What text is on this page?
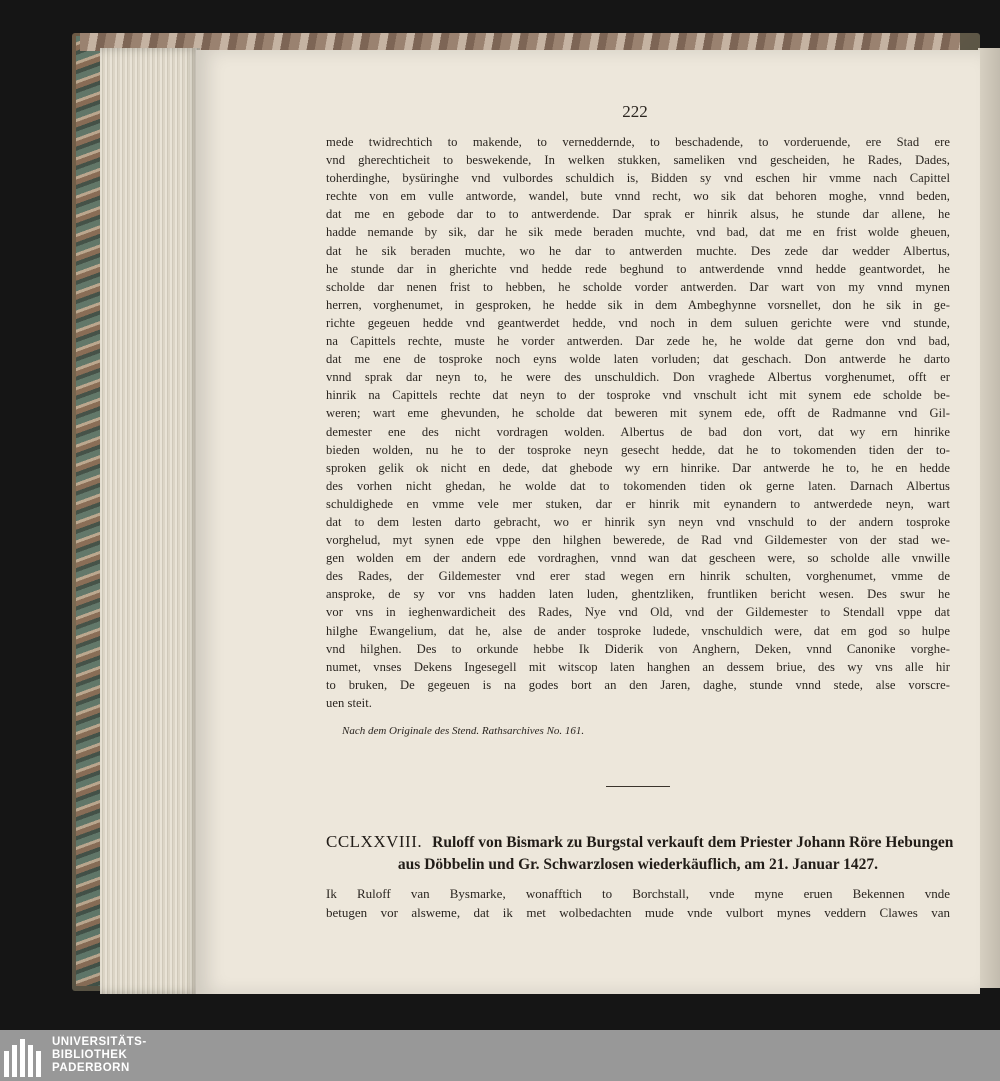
222
mede twidrechtich to makende, to verneddernde, to beschadende, to vorderuende, ere Stad ere
vnd gherechticheit to beswekende, In welken stukken, sameliken vnd gescheiden, he Rades, Dades,
toherdinghe, bysüringhe vnd vulbordes schuldich is, Bidden sy vnd eschen hir vmme nach Capittel
rechte von em vulle antworde, wandel, bute vnnd recht, wo sik dat behoren moghe, vnnd beden,
dat me en gebode dar to to antwerdende. Dar sprak er hinrik alsus, he stunde dar allene, he
hadde nemande by sik, dar he sik mede beraden muchte, vnd bad, dat me en frist wolde gheuen,
dat he sik beraden muchte, wo he dar to antwerden muchte. Des zede dar wedder Albertus,
he stunde dar in gherichte vnd hedde rede beghund to antwerdende vnnd hedde geantwordet, he
scholde dar nenen frist to hebben, he scholde vorder antwerden. Dar wart von my vnnd mynen
herren, vorghenumet, in gesproken, he hedde sik in dem Ambeghynne vorsnellet, don he sik in ge-
richte gegeuen hedde vnd geantwerdet hedde, vnd noch in dem suluen gerichte were vnd stunde,
na Capittels rechte, muste he vorder antwerden. Dar zede he, he wolde dat gerne don vnd bad,
dat me ene de tosproke noch eyns wolde laten vorluden; dat geschach. Don antwerde he darto
vnnd sprak dar neyn to, he were des unschuldich. Don vraghede Albertus vorghenumet, offt er
hinrik na Capittels rechte dat neyn to der tosproke vnd vnschult icht mit synem ede scholde be-
weren; wart eme ghevunden, he scholde dat beweren mit synem ede, offt de Radmanne vnd Gil-
demester ene des nicht vordragen wolden. Albertus de bad don vort, dat wy ern hinrike
bieden wolden, nu he to der tosproke neyn gesecht hedde, dat he to tokomenden tiden der to-
sproken gelik ok nicht en dede, dat ghebode wy ern hinrike. Dar antwerde he to, he en hedde
des vorhen nicht ghedan, he wolde dat to tokomenden tiden ok gerne laten. Darnach Albertus
schuldighede en vmme vele mer stuken, dar er hinrik mit eynandern to antwerdede neyn, wart
dat to dem lesten darto gebracht, wo er hinrik syn neyn vnd vnschuld to der andern tosproke
vorghelud, myt synen ede vppe den hilghen bewerede, de Rad vnd Gildemester von der stad we-
gen wolden em der andern ede vordraghen, vnnd wan dat gescheen were, so scholde alle vnwille
des Rades, der Gildemester vnd erer stad wegen ern hinrik schulten, vorghenumet, vmme de
ansproke, de sy vor vns hadden laten luden, ghentzliken, fruntliken bericht wesen. Des swur he
vor vns in ieghenwardicheit des Rades, Nye vnd Old, vnd der Gildemester to Stendall vppe dat
hilghe Ewangelium, dat he, alse de ander tosproke ludede, vnschuldich were, dat em god so hulpe
vnd hilghen. Des to orkunde hebbe Ik Diderik von Anghern, Deken, vnnd Canonike vorghe-
numet, vnses Dekens Ingesegell mit witscop laten hanghen an dessem briue, des wy vns alle hir
to bruken, De gegeuen is na godes bort an den Jaren, daghe, stunde vnnd stede, alse vorscre-
uen steit.
Nach dem Originale des Stend. Rathsarchives No. 161.
CCLXXVIII. Ruloff von Bismark zu Burgstal verkauft dem Priester Johann Röre Hebungen
aus Döbbelin und Gr. Schwarzlosen wiederkäuflich, am 21. Januar 1427.
Ik Ruloff van Bysmarke, wonafftich to Borchstall, vnde myne eruen Bekennen vnde
betugen vor alsweme, dat ik met wolbedachten mude vnde vulbort mynes veddern Clawes van
UNIVERSITÄTS-
BIBLIOTHEK
PADERBORN
